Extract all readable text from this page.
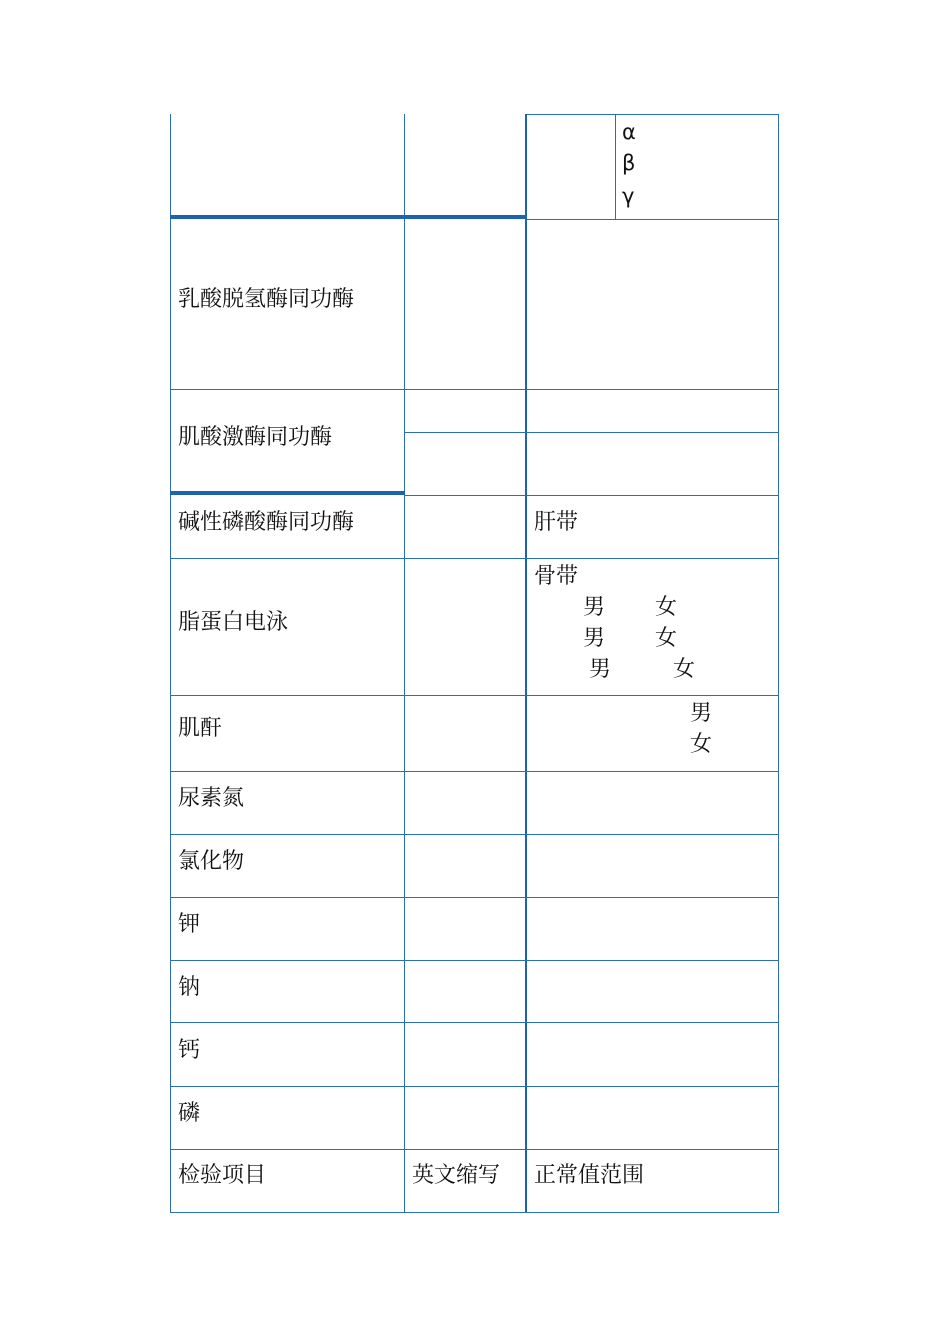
α
β
γ
乳酸脱氢酶同功酶
肌酸激酶同功酶
碱性磷酸酶同功酶
脂蛋白电泳
肌酐
尿素氮
氯化物
钾
钠
钙
磷
肝带
骨带
男 女
男 女
男	女
男
女
检验项目	英文缩写 正常值范围
